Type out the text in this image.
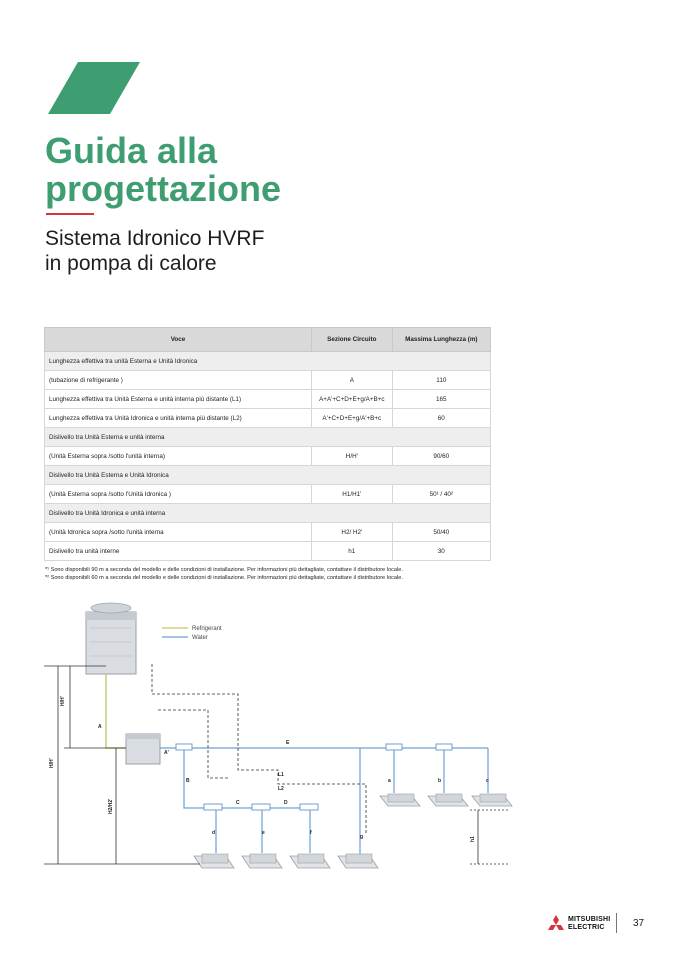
Guida alla
progettazione
Sistema Idronico HVRF
in pompa di calore
Voce	Sezione Circuito	Massima Lunghezza (m)
Lunghezza effettiva tra unità Esterna e Unità Idronica		
(tubazione di refrigerante )	A	110
Lunghezza effettiva tra Unità Esterna e unità interna più distante (L1)	A+A'+C+D+E+g/A+B+c	165
Lunghezza effettiva tra Unità Idronica e unità interna più distante (L2)	A'+C+D+E+g/A'+B+c	60
Dislivello tra Unità Esterna e unità interna		
(Unità Esterna sopra /sotto l'unità interna)	H/H'	90/60
Dislivello tra Unità Esterna e Unità Idronica		
(Unità Esterna sopra /sotto l'Unità Idronica )	H1/H1'	50¹ / 40²
Dislivello tra Unità Idronica e unità interna		
(Unità Idronica sopra /sotto l'unità interna	H2/ H2'	50/40
Dislivello tra unità interne	h1	30
*¹ Sono disponibili 90 m a seconda del modello e delle condizioni di installazione. Per informazioni più dettagliate, contattare il distributore locale.
*² Sono disponibili 60 m a seconda del modello e delle condizioni di installazione. Per informazioni più dettagliate, contattare il distributore locale.
Refrigerant
Water
H/H'
H/H'
H2/H2'
A
A'
E
L1
L2
B
C	D
a	b	c
d	e	f
g	h1
MITSUBISHI
ELECTRIC	37
